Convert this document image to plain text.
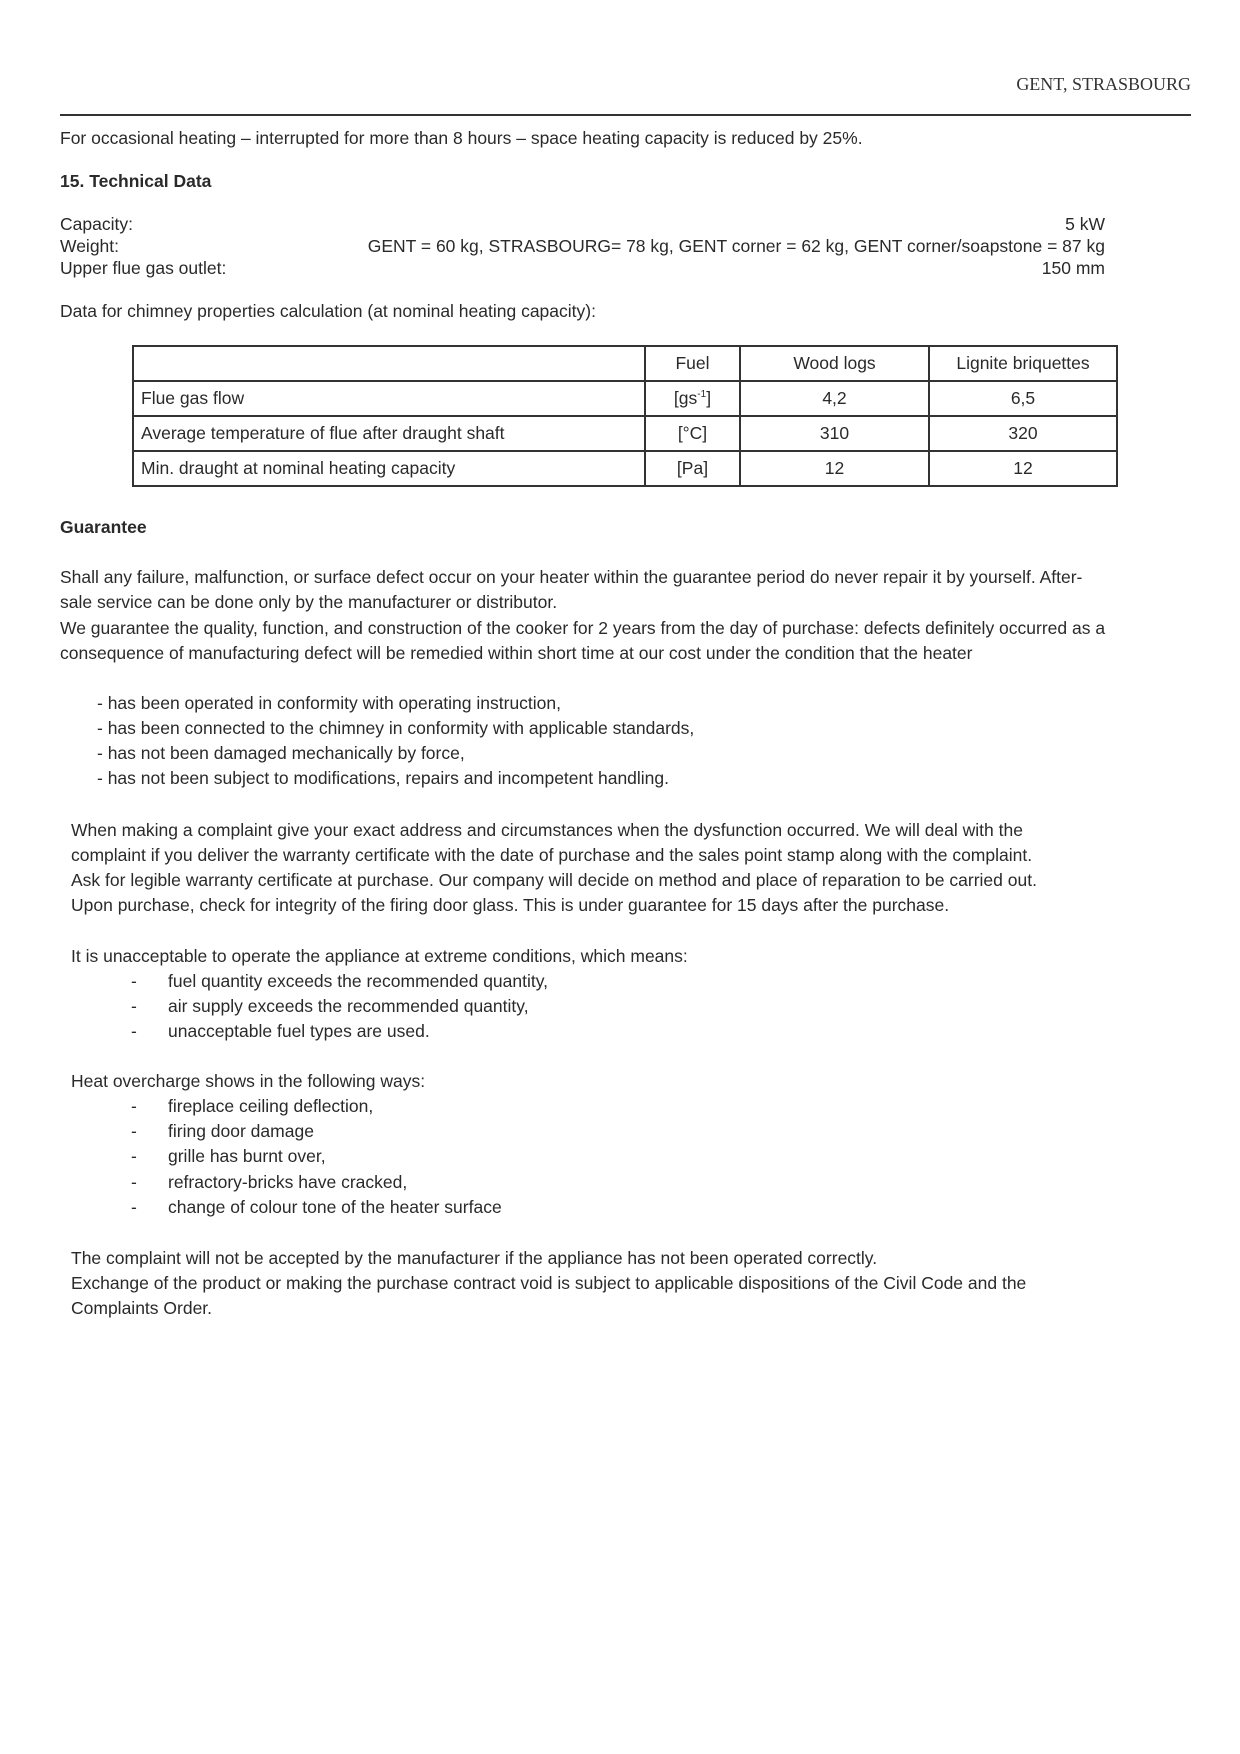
GENT, STRASBOURG
For occasional heating – interrupted for more than 8 hours – space heating capacity is reduced by 25%.
15. Technical Data
Capacity:	5 kW
Weight:	GENT = 60 kg, STRASBOURG= 78 kg, GENT corner = 62 kg, GENT corner/soapstone = 87 kg
Upper flue gas outlet:	150 mm
Data for chimney properties calculation (at nominal heating capacity):
	Fuel	Wood logs	Lignite briquettes
Flue gas flow	$[gs^{-1}]$	4,2	6,5
Average temperature of flue after draught shaft	[°C]	310	320
Min. draught at nominal heating capacity	[Pa]	12	12
Guarantee
Shall any failure, malfunction, or surface defect occur on your heater within the guarantee period do never repair it by yourself. After-
sale service can be done only by the manufacturer or distributor.
We guarantee the quality, function, and construction of the cooker for 2 years from the day of purchase: defects definitely occurred as a
consequence of manufacturing defect will be remedied within short time at our cost under the condition that the heater
- has been operated in conformity with operating instruction,
- has been connected to the chimney in conformity with applicable standards,
- has not been damaged mechanically by force,
- has not been subject to modifications, repairs and incompetent handling.
When making a complaint give your exact address and circumstances when the dysfunction occurred. We will deal with the
complaint if you deliver the warranty certificate with the date of purchase and the sales point stamp along with the complaint.
Ask for legible warranty certificate at purchase. Our company will decide on method and place of reparation to be carried out.
Upon purchase, check for integrity of the firing door glass. This is under guarantee for 15 days after the purchase.
It is unacceptable to operate the appliance at extreme conditions, which means:
- fuel quantity exceeds the recommended quantity,
- air supply exceeds the recommended quantity,
- unacceptable fuel types are used.
Heat overcharge shows in the following ways:
- fireplace ceiling deflection,
- firing door damage
- grille has burnt over,
- refractory-bricks have cracked,
- change of colour tone of the heater surface
The complaint will not be accepted by the manufacturer if the appliance has not been operated correctly.
Exchange of the product or making the purchase contract void is subject to applicable dispositions of the Civil Code and the
Complaints Order.
